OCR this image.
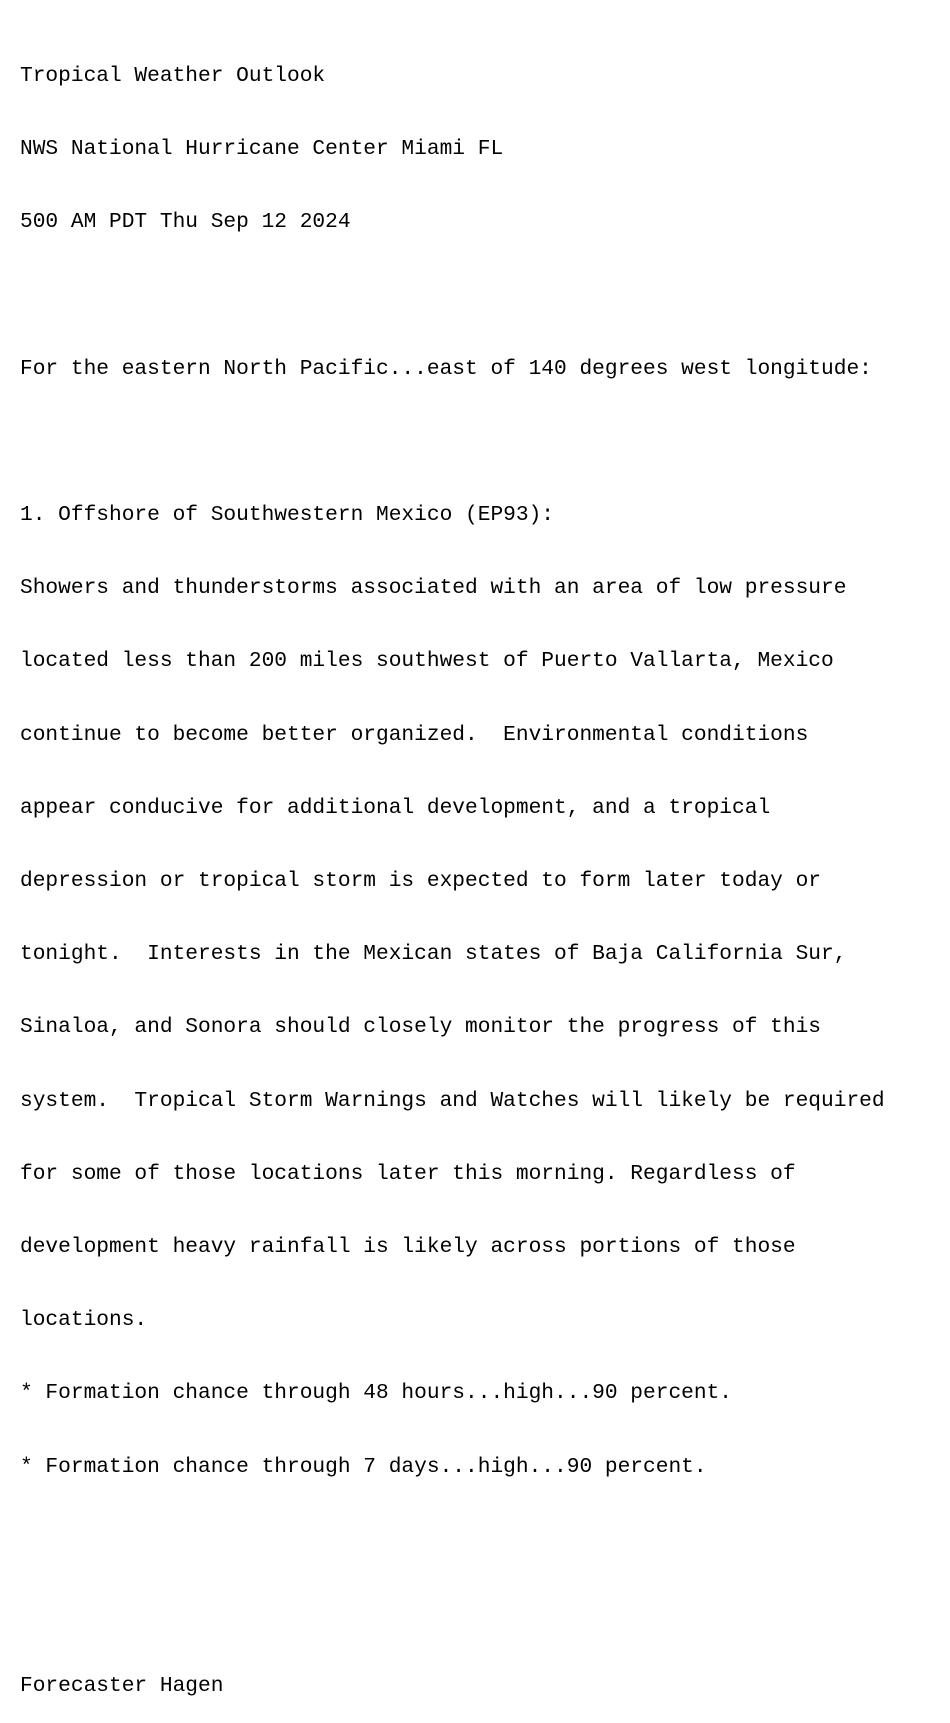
Tropical Weather Outlook

NWS National Hurricane Center Miami FL

500 AM PDT Thu Sep 12 2024

For the eastern North Pacific...east of 140 degrees west longitude:

1. Offshore of Southwestern Mexico (EP93):

Showers and thunderstorms associated with an area of low pressure

located less than 200 miles southwest of Puerto Vallarta, Mexico

continue to become better organized.  Environmental conditions

appear conducive for additional development, and a tropical

depression or tropical storm is expected to form later today or

tonight.  Interests in the Mexican states of Baja California Sur,

Sinaloa, and Sonora should closely monitor the progress of this

system.  Tropical Storm Warnings and Watches will likely be required

for some of those locations later this morning. Regardless of

development heavy rainfall is likely across portions of those

locations.

* Formation chance through 48 hours...high...90 percent.

* Formation chance through 7 days...high...90 percent.

Forecaster Hagen
